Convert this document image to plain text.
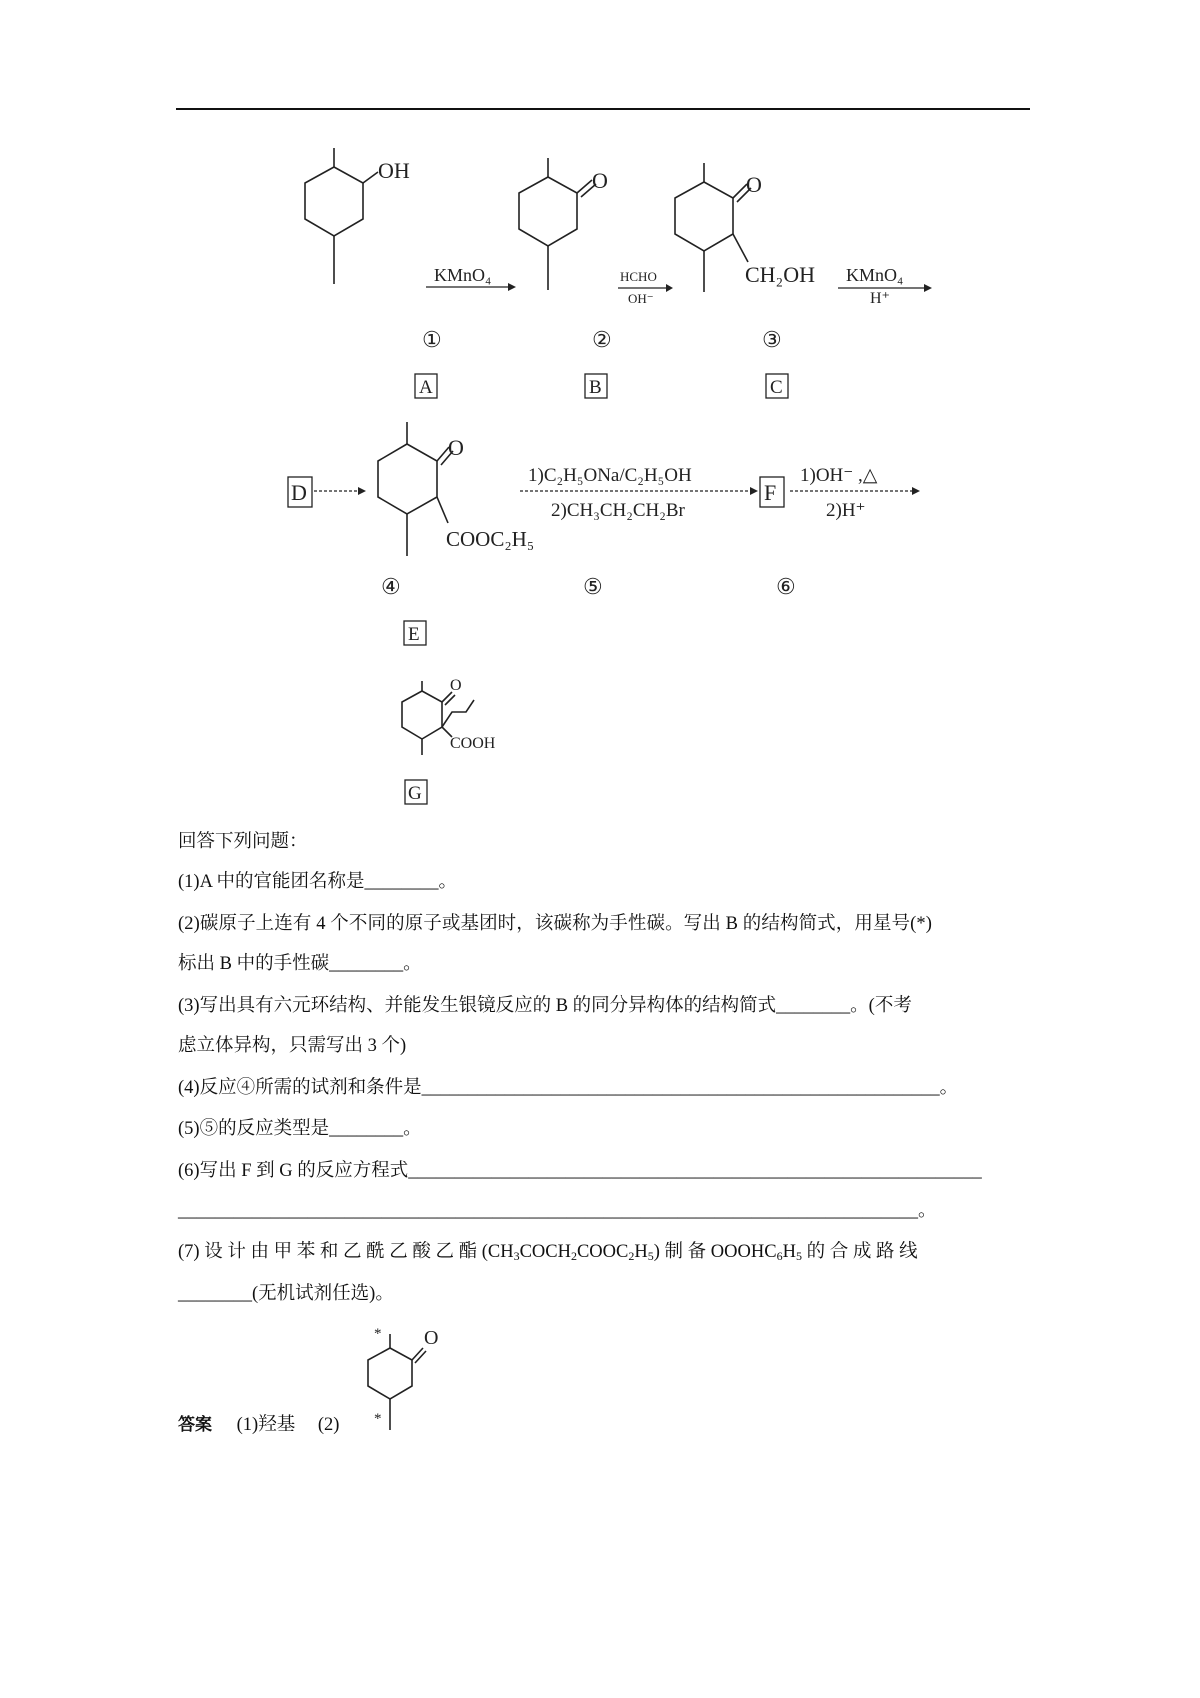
OH
KMnO₄
O
HCHO
OH⁻
O
CH₂OH KMnO₄
H⁺
①	②	③
A	B	C
D
O
COOC₂H₅
1)C₂H₅ONa/C₂H₅OH
2)CH₃CH₂CH₂Br
F
1)OH⁻ ,△
2)H⁺
④	⑤	⑥
E
O
COOH
G
回答下列问题：
(1)A 中的官能团名称是________。
(2)碳原子上连有 4 个不同的原子或基团时，该碳称为手性碳。写出 B 的结构简式，用星号(*)
标出 B 中的手性碳________。
(3)写出具有六元环结构、并能发生银镜反应的 B 的同分异构体的结构简式________。(不考
虑立体异构，只需写出 3 个)
(4)反应④所需的试剂和条件是________________________________________________________。
(5)⑤的反应类型是________。
(6)写出 F 到 G 的反应方程式______________________________________________________________
________________________________________________________________________________。
(7) 设 计 由 甲 苯 和 乙 酰 乙 酸 乙 酯 $(CH_3COCH_2COOC_2H_5)$ 制 备 $OOOHC_6H_5$ 的 合 成 路 线
________(无机试剂任选)。
答案 (1)羟基 (2)
O
*
*
